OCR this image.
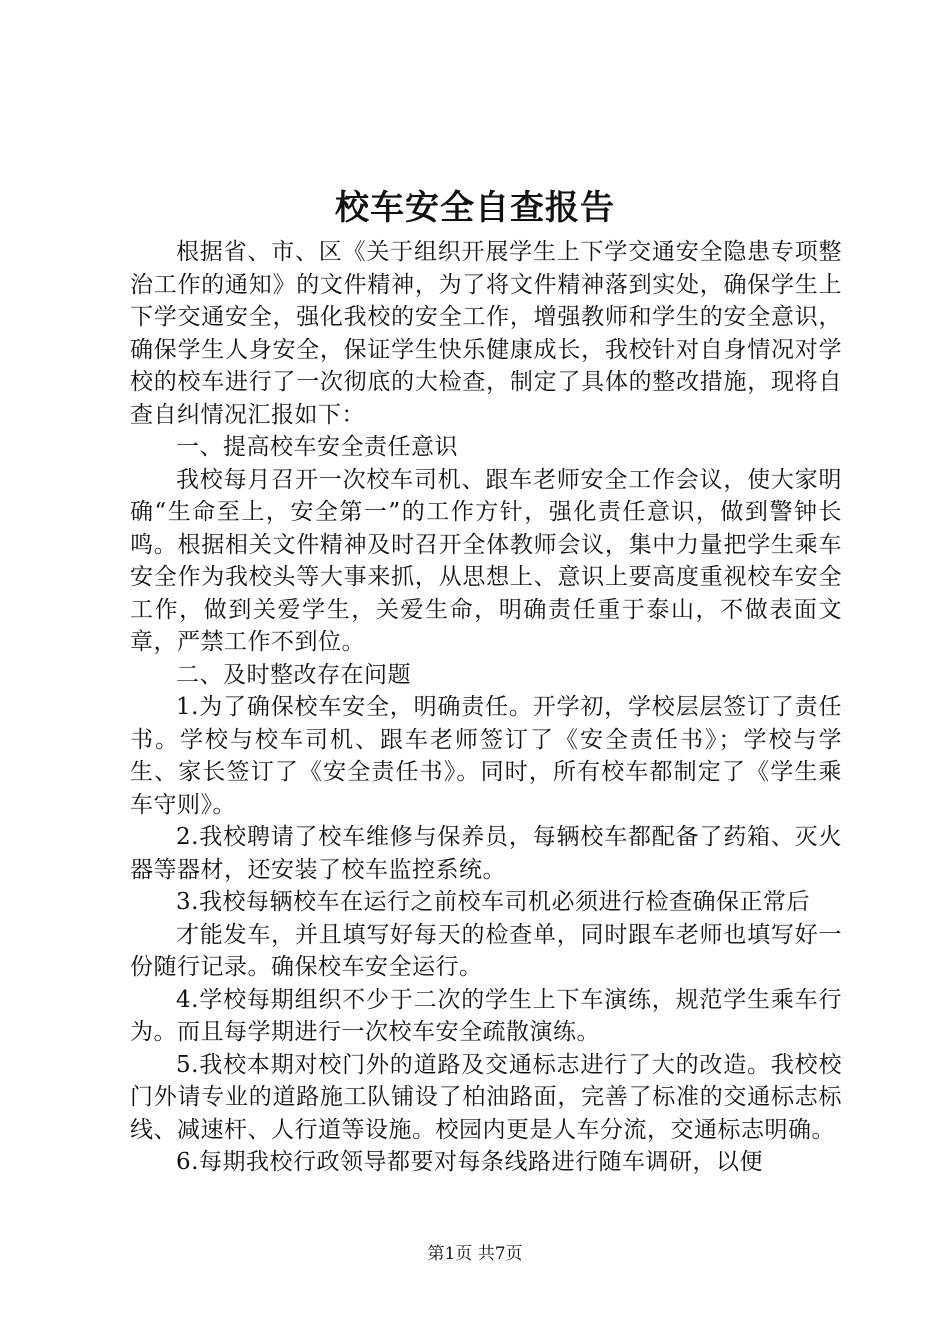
校车安全自查报告

根据省、市、区《关于组织开展学生上下学交通安全隐患专项整治工作的通知》的文件精神，为了将文件精神落到实处，确保学生上下学交通安全，强化我校的安全工作，增强教师和学生的安全意识，确保学生人身安全，保证学生快乐健康成长，我校针对自身情况对学校的校车进行了一次彻底的大检查，制定了具体的整改措施，现将自查自纠情况汇报如下：

一、提高校车安全责任意识

我校每月召开一次校车司机、跟车老师安全工作会议，使大家明确“生命至上，安全第一”的工作方针，强化责任意识，做到警钟长鸣。根据相关文件精神及时召开全体教师会议，集中力量把学生乘车安全作为我校头等大事来抓，从思想上、意识上要高度重视校车安全工作，做到关爱学生，关爱生命，明确责任重于泰山，不做表面文章，严禁工作不到位。

二、及时整改存在问题

1.为了确保校车安全，明确责任。开学初，学校层层签订了责任书。学校与校车司机、跟车老师签订了《安全责任书》；学校与学生、家长签订了《安全责任书》。同时，所有校车都制定了《学生乘车守则》。

2.我校聘请了校车维修与保养员，每辆校车都配备了药箱、灭火器等器材，还安装了校车监控系统。

3.我校每辆校车在运行之前校车司机必须进行检查确保正常后

才能发车，并且填写好每天的检查单，同时跟车老师也填写好一份随行记录。确保校车安全运行。

4.学校每期组织不少于二次的学生上下车演练，规范学生乘车行为。而且每学期进行一次校车安全疏散演练。

5.我校本期对校门外的道路及交通标志进行了大的改造。我校校门外请专业的道路施工队铺设了柏油路面，完善了标准的交通标志标线、减速杆、人行道等设施。校园内更是人车分流，交通标志明确。

6.每期我校行政领导都要对每条线路进行随车调研，以便

第1页 共7页
